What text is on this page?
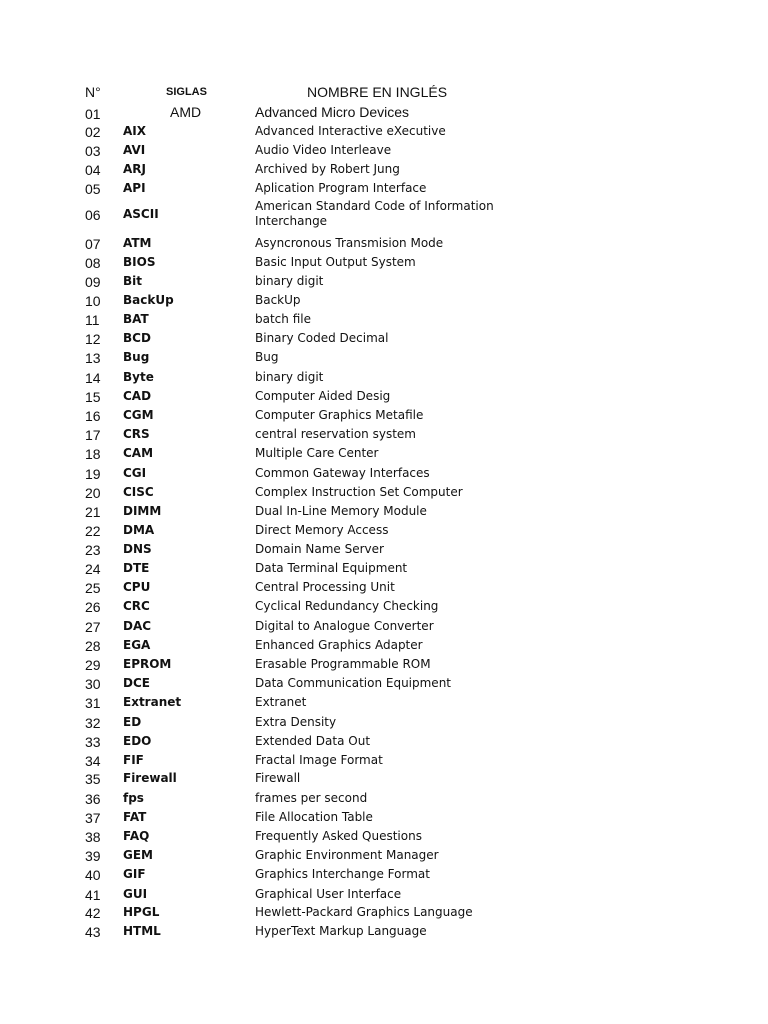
N°	SIGLAS	NOMBRE EN INGLÉS
01	AMD	Advanced Micro Devices
02 AIX	Advanced Interactive eXecutive
03 AVI	Audio Video Interleave
04 ARJ	Archived by Robert Jung
05 API	Aplication Program Interface
06 ASCII
American Standard Code of Information Interchange
07 ATM	Asyncronous Transmision Mode
08 BIOS	Basic Input Output System
09 Bit	binary digit
10 BackUp	BackUp
11 BAT	batch file
12 BCD	Binary Coded Decimal
13 Bug	Bug
14 Byte	binary digit
15 CAD	Computer Aided Desig
16 CGM	Computer Graphics Metafile
17 CRS	central reservation system
18 CAM	Multiple Care Center
19 CGI	Common Gateway Interfaces
20 CISC	Complex Instruction Set Computer
21 DIMM	Dual In-Line Memory Module
22 DMA	Direct Memory Access
23 DNS	Domain Name Server
24 DTE	Data Terminal Equipment
25 CPU	Central Processing Unit
26 CRC	Cyclical Redundancy Checking
27 DAC	Digital to Analogue Converter
28 EGA	Enhanced Graphics Adapter
29 EPROM	Erasable Programmable ROM
30 DCE	Data Communication Equipment
31 Extranet	Extranet
32 ED	Extra Density
33 EDO	Extended Data Out
34 FIF	Fractal Image Format
35 Firewall	Firewall
36 fps	frames per second
37 FAT	File Allocation Table
38 FAQ	Frequently Asked Questions
39 GEM	Graphic Environment Manager
40 GIF	Graphics Interchange Format
41 GUI	Graphical User Interface
42 HPGL	Hewlett-Packard Graphics Language
43 HTML	HyperText Markup Language
